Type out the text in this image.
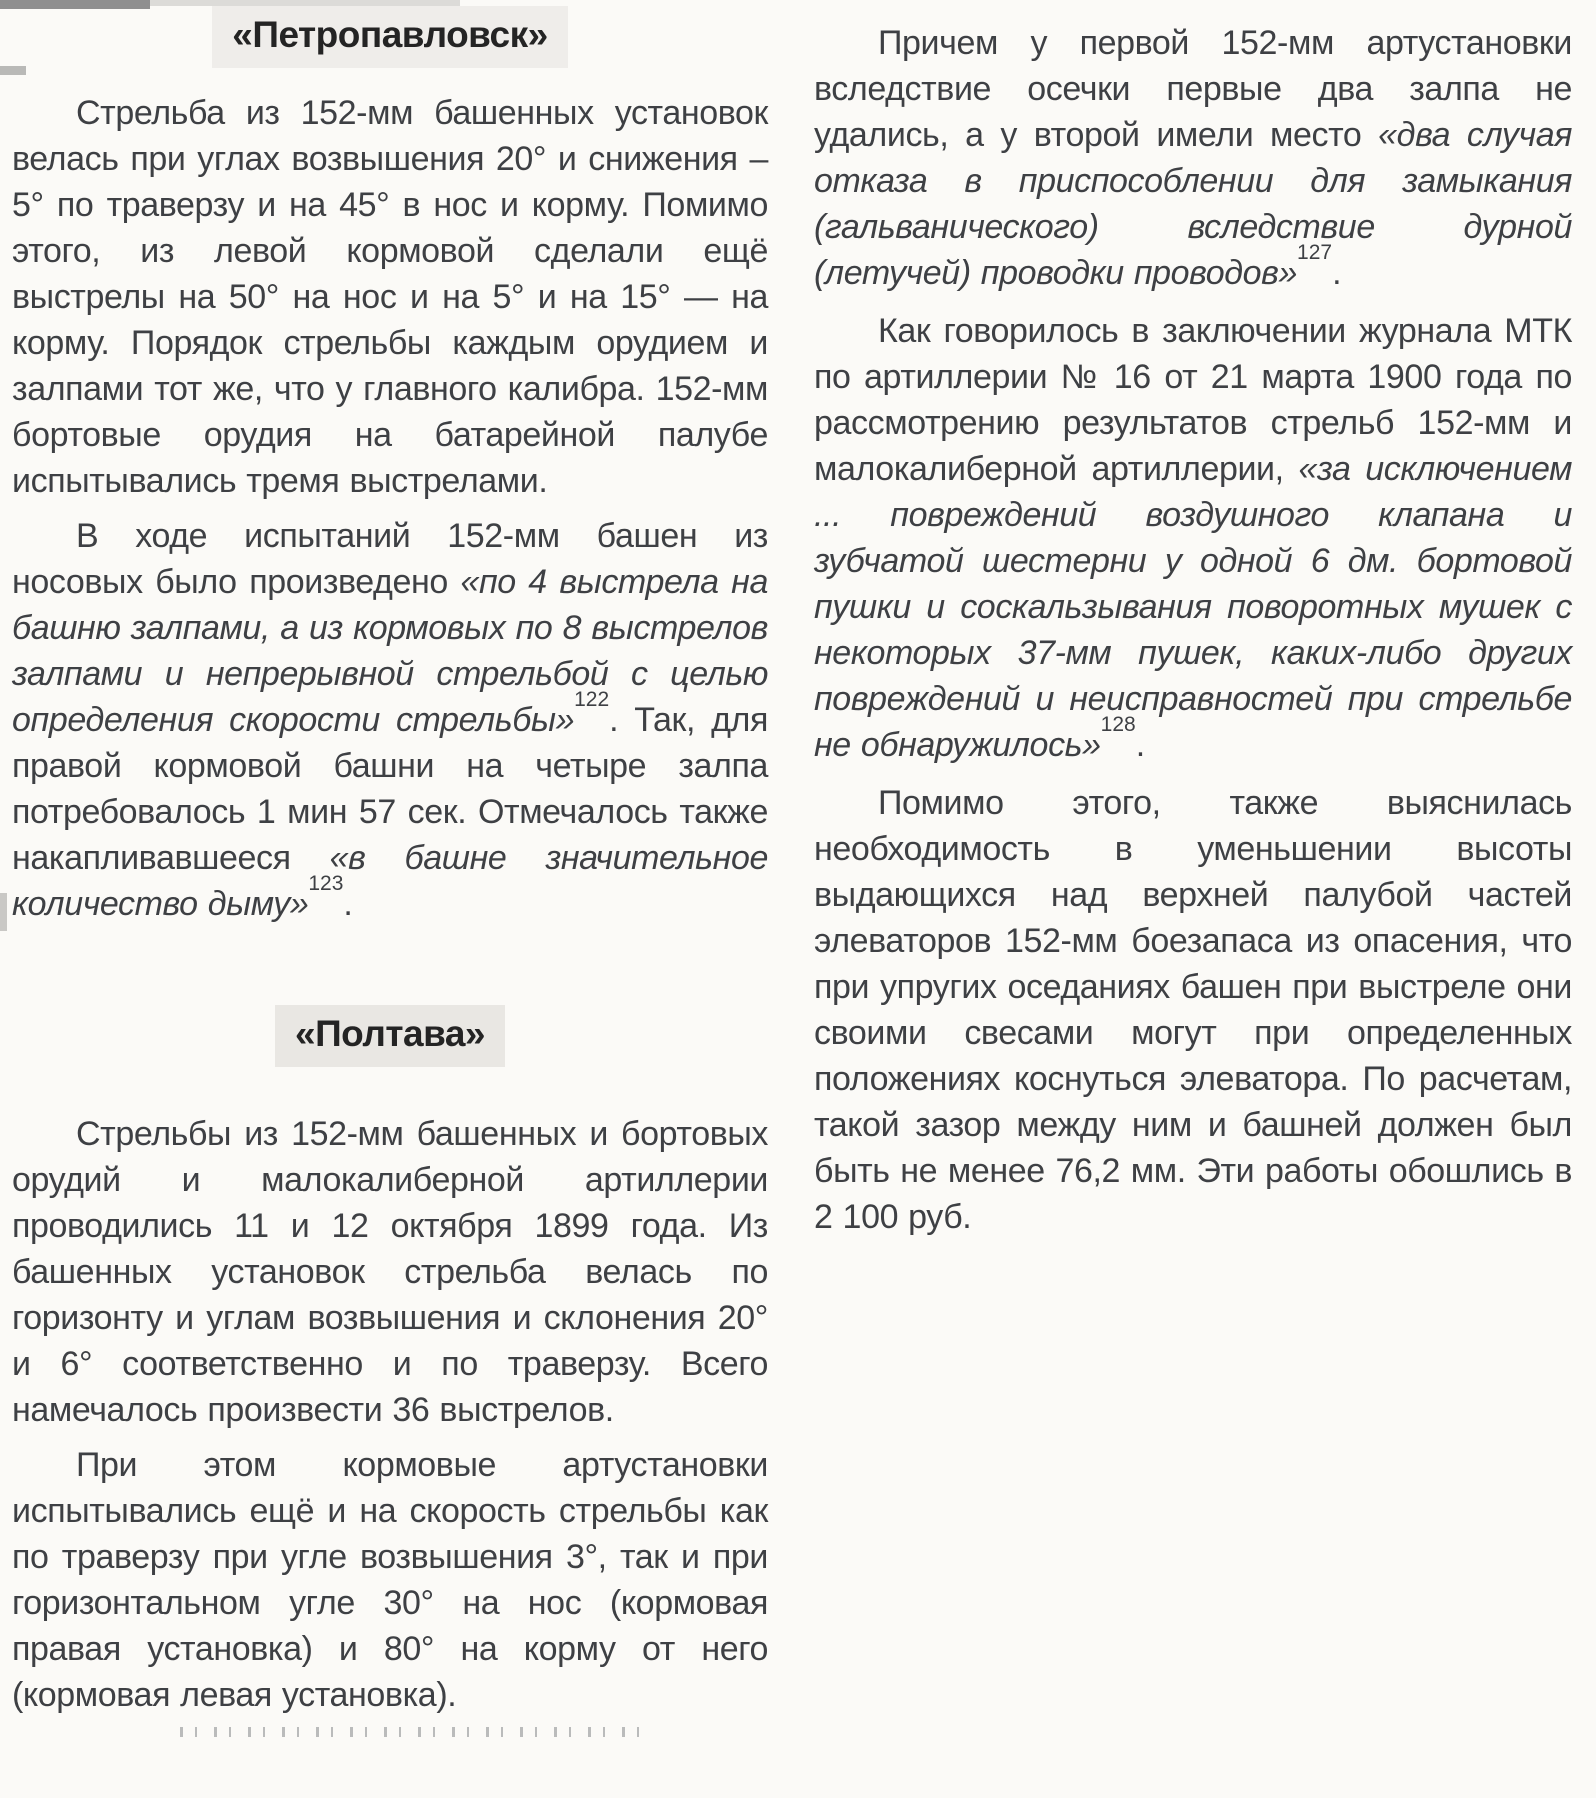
«Петропавловск»

Стрельба из 152-мм башенных установок велась при углах возвышения 20° и снижения –5° по траверзу и на 45° в нос и корму. Помимо этого, из левой кормовой сделали ещё выстрелы на 50° на нос и на 5° и на 15° — на корму. Порядок стрельбы каждым орудием и залпами тот же, что у главного калибра. 152-мм бортовые орудия на батарейной палубе испытывались тремя выстрелами.

В ходе испытаний 152-мм башен из носовых было произведено «по 4 выстрела на башню залпами, а из кормовых по 8 выстрелов залпами и непрерывной стрельбой с целью определения скорости стрельбы»$^{122}$. Так, для правой кормовой башни на четыре залпа потребовалось 1 мин 57 сек. Отмечалось также накапливавшееся «в башне значительное количество дыму»$^{123}$.

«Полтава»

Стрельбы из 152-мм башенных и бортовых орудий и малокалиберной артиллерии проводились 11 и 12 октября 1899 года. Из башенных установок стрельба велась по горизонту и углам возвышения и склонения 20° и 6° соответственно и по траверзу. Всего намечалось произвести 36 выстрелов.

При этом кормовые артустановки испытывались ещё и на скорость стрельбы как по траверзу при угле возвышения 3°, так и при горизонтальном угле 30° на нос (кормовая правая установка) и 80° на корму от него (кормовая левая установка).

Причем у первой 152-мм артустановки вследствие осечки первые два залпа не удались, а у второй имели место «два случая отказа в приспособлении для замыкания (гальванического) вследствие дурной (летучей) проводки проводов»$^{127}$.

Как говорилось в заключении журнала МТК по артиллерии № 16 от 21 марта 1900 года по рассмотрению результатов стрельб 152-мм и малокалиберной артиллерии, «за исключением ... повреждений воздушного клапана и зубчатой шестерни у одной 6 дм. бортовой пушки и соскальзывания поворотных мушек с некоторых 37-мм пушек, каких-либо других повреждений и неисправностей при стрельбе не обнаружилось»$^{128}$.

Помимо этого, также выяснилась необходимость в уменьшении высоты выдающихся над верхней палубой частей элеваторов 152-мм боезапаса из опасения, что при упругих оседаниях башен при выстреле они своими свесами могут при определенных положениях коснуться элеватора. По расчетам, такой зазор между ним и башней должен был быть не менее 76,2 мм. Эти работы обошлись в 2 100 руб.
